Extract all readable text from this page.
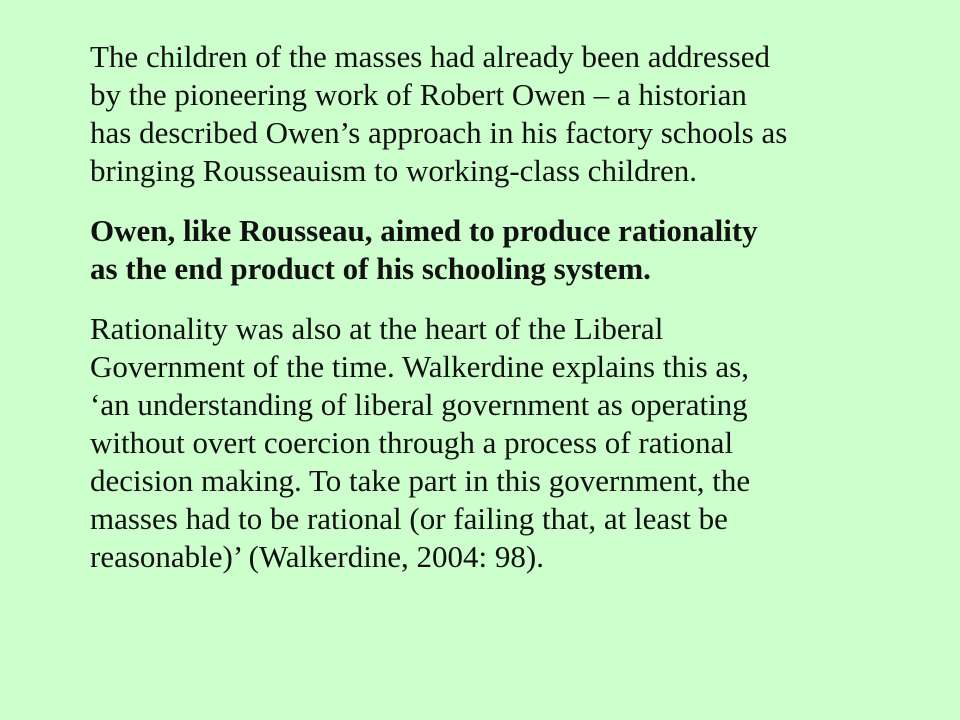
The children of the masses had already been addressed
by the pioneering work of Robert Owen – a historian
has described Owen’s approach in his factory schools as
bringing Rousseauism to working-class children.

Owen, like Rousseau, aimed to produce rationality
as the end product of his schooling system.

Rationality was also at the heart of the Liberal
Government of the time. Walkerdine explains this as,
‘an understanding of liberal government as operating
without overt coercion through a process of rational
decision making. To take part in this government, the
masses had to be rational (or failing that, at least be
reasonable)’ (Walkerdine, 2004: 98).
